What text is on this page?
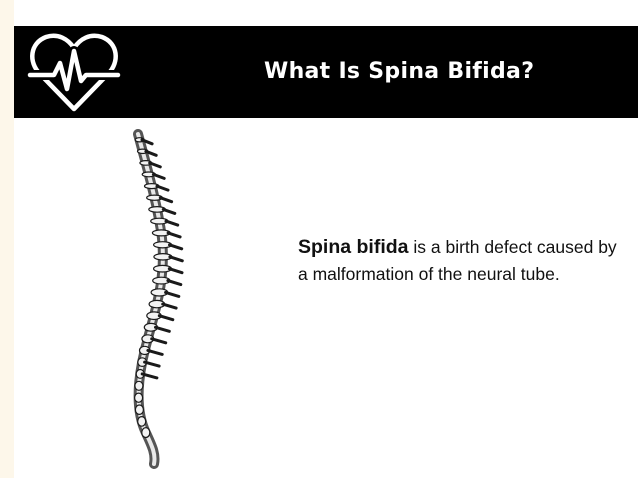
What Is Spina Bifida?

Spina bifida is a birth defect caused by a malformation of the neural tube.
